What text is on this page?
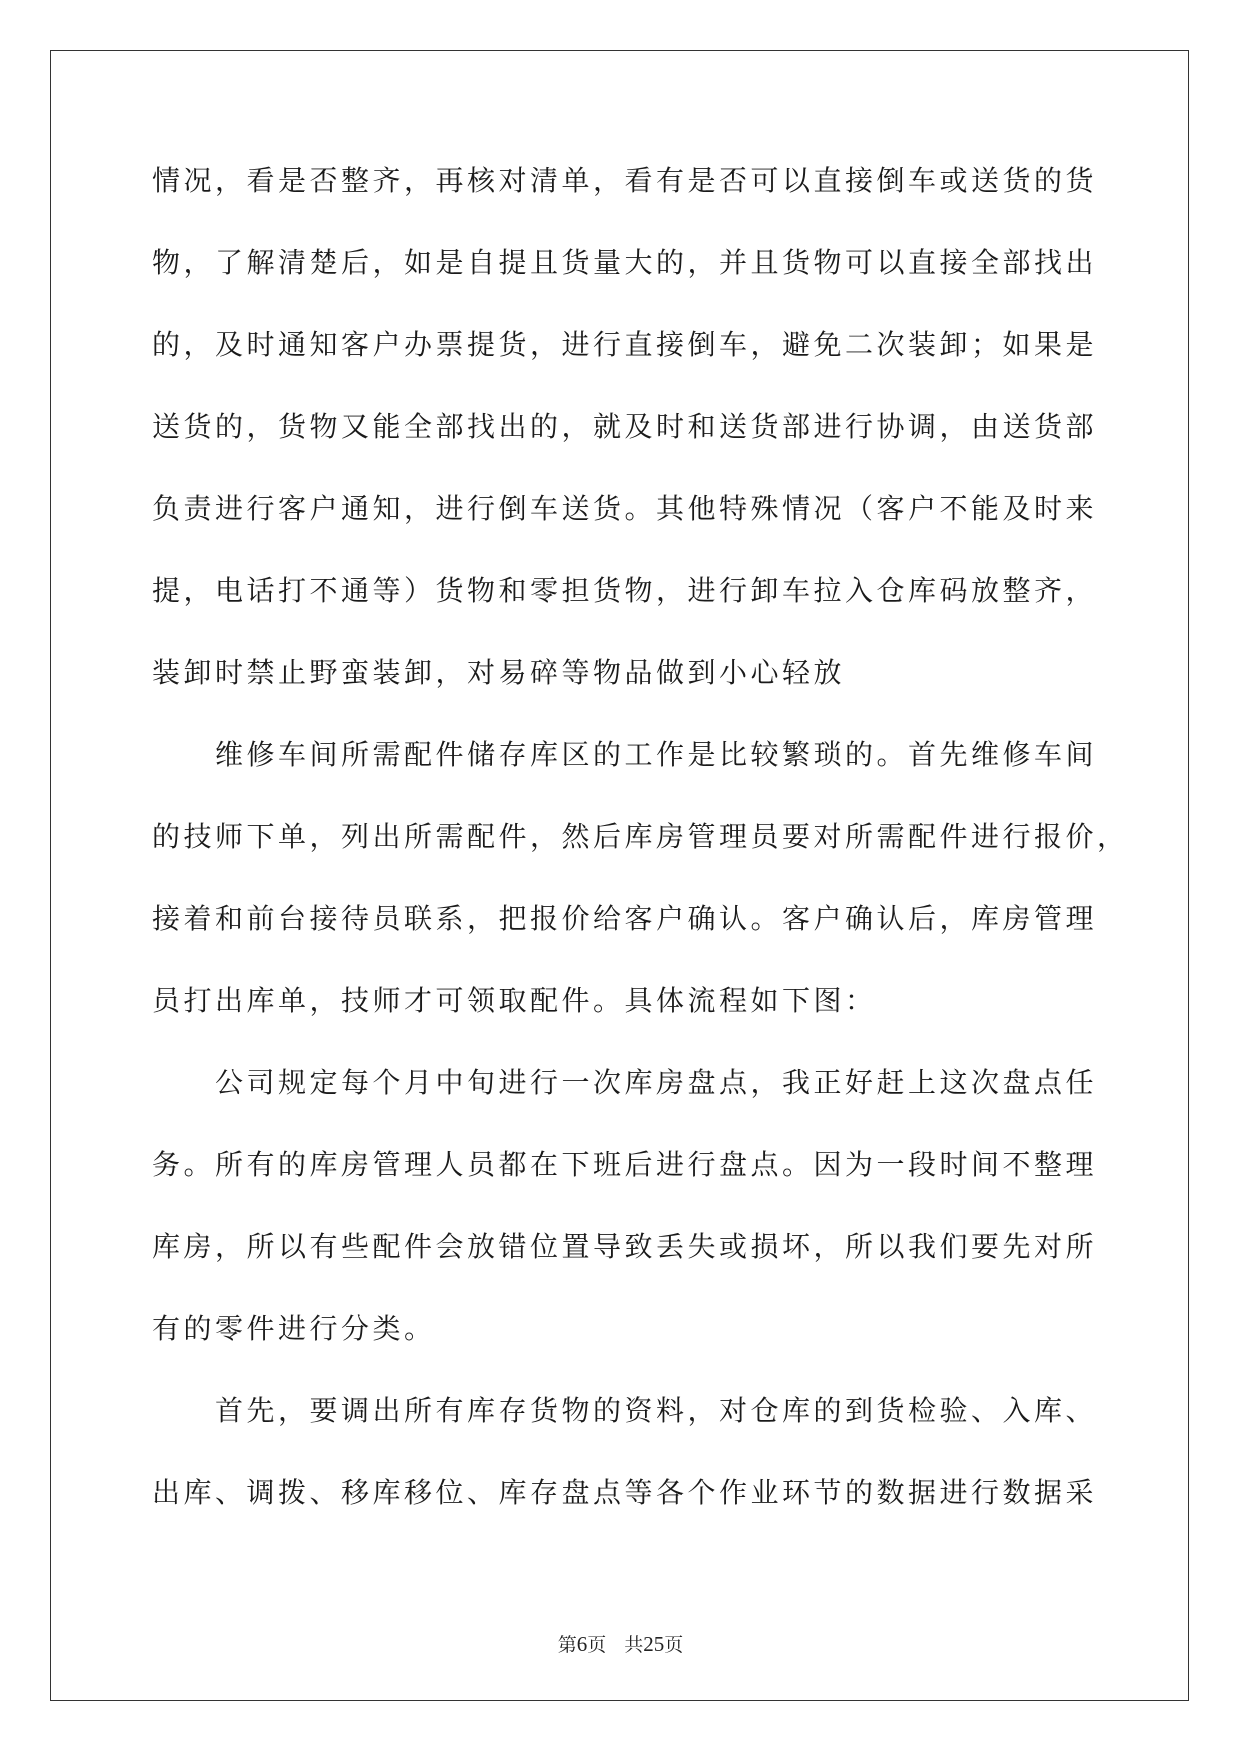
情况，看是否整齐，再核对清单，看有是否可以直接倒车或送货的货
物，了解清楚后，如是自提且货量大的，并且货物可以直接全部找出
的，及时通知客户办票提货，进行直接倒车，避免二次装卸；如果是
送货的，货物又能全部找出的，就及时和送货部进行协调，由送货部
负责进行客户通知，进行倒车送货。其他特殊情况（客户不能及时来
提，电话打不通等）货物和零担货物，进行卸车拉入仓库码放整齐，
装卸时禁止野蛮装卸，对易碎等物品做到小心轻放
　　维修车间所需配件储存库区的工作是比较繁琐的。首先维修车间
的技师下单，列出所需配件，然后库房管理员要对所需配件进行报价，
接着和前台接待员联系，把报价给客户确认。客户确认后，库房管理
员打出库单，技师才可领取配件。具体流程如下图：
　　公司规定每个月中旬进行一次库房盘点，我正好赶上这次盘点任
务。所有的库房管理人员都在下班后进行盘点。因为一段时间不整理
库房，所以有些配件会放错位置导致丢失或损坏，所以我们要先对所
有的零件进行分类。
　　首先，要调出所有库存货物的资料，对仓库的到货检验、入库、
出库、调拨、移库移位、库存盘点等各个作业环节的数据进行数据采
第6页 共25页
